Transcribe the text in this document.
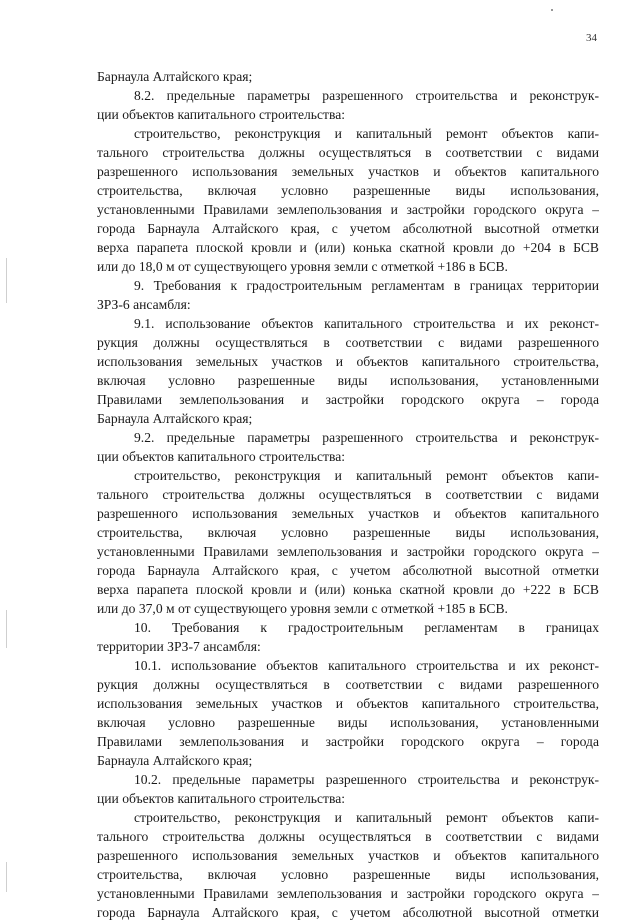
34
Барнаула Алтайского края;
8.2. предельные параметры разрешенного строительства и реконструк-
ции объектов капитального строительства:
строительство, реконструкция и капитальный ремонт объектов капи-
тального строительства должны осуществляться в соответствии с видами
разрешенного использования земельных участков и объектов капитального
строительства, включая условно разрешенные виды использования,
установленными Правилами землепользования и застройки городского округа –
города Барнаула Алтайского края, с учетом абсолютной высотной отметки
верха парапета плоской кровли и (или) конька скатной кровли до +204 в БСВ
или до 18,0 м от существующего уровня земли с отметкой +186 в БСВ.
9. Требования к градостроительным регламентам в границах территории
ЗРЗ-6 ансамбля:
9.1. использование объектов капитального строительства и их реконст-
рукция должны осуществляться в соответствии с видами разрешенного
использования земельных участков и объектов капитального строительства,
включая условно разрешенные виды использования, установленными
Правилами землепользования и застройки городского округа – города
Барнаула Алтайского края;
9.2. предельные параметры разрешенного строительства и реконструк-
ции объектов капитального строительства:
строительство, реконструкция и капитальный ремонт объектов капи-
тального строительства должны осуществляться в соответствии с видами
разрешенного использования земельных участков и объектов капитального
строительства, включая условно разрешенные виды использования,
установленными Правилами землепользования и застройки городского округа –
города Барнаула Алтайского края, с учетом абсолютной высотной отметки
верха парапета плоской кровли и (или) конька скатной кровли до +222 в БСВ
или до 37,0 м от существующего уровня земли с отметкой +185 в БСВ.
10. Требования к градостроительным регламентам в границах
территории ЗРЗ-7 ансамбля:
10.1. использование объектов капитального строительства и их реконст-
рукция должны осуществляться в соответствии с видами разрешенного
использования земельных участков и объектов капитального строительства,
включая условно разрешенные виды использования, установленными
Правилами землепользования и застройки городского округа – города
Барнаула Алтайского края;
10.2. предельные параметры разрешенного строительства и реконструк-
ции объектов капитального строительства:
строительство, реконструкция и капитальный ремонт объектов капи-
тального строительства должны осуществляться в соответствии с видами
разрешенного использования земельных участков и объектов капитального
строительства, включая условно разрешенные виды использования,
установленными Правилами землепользования и застройки городского округа –
города Барнаула Алтайского края, с учетом абсолютной высотной отметки
